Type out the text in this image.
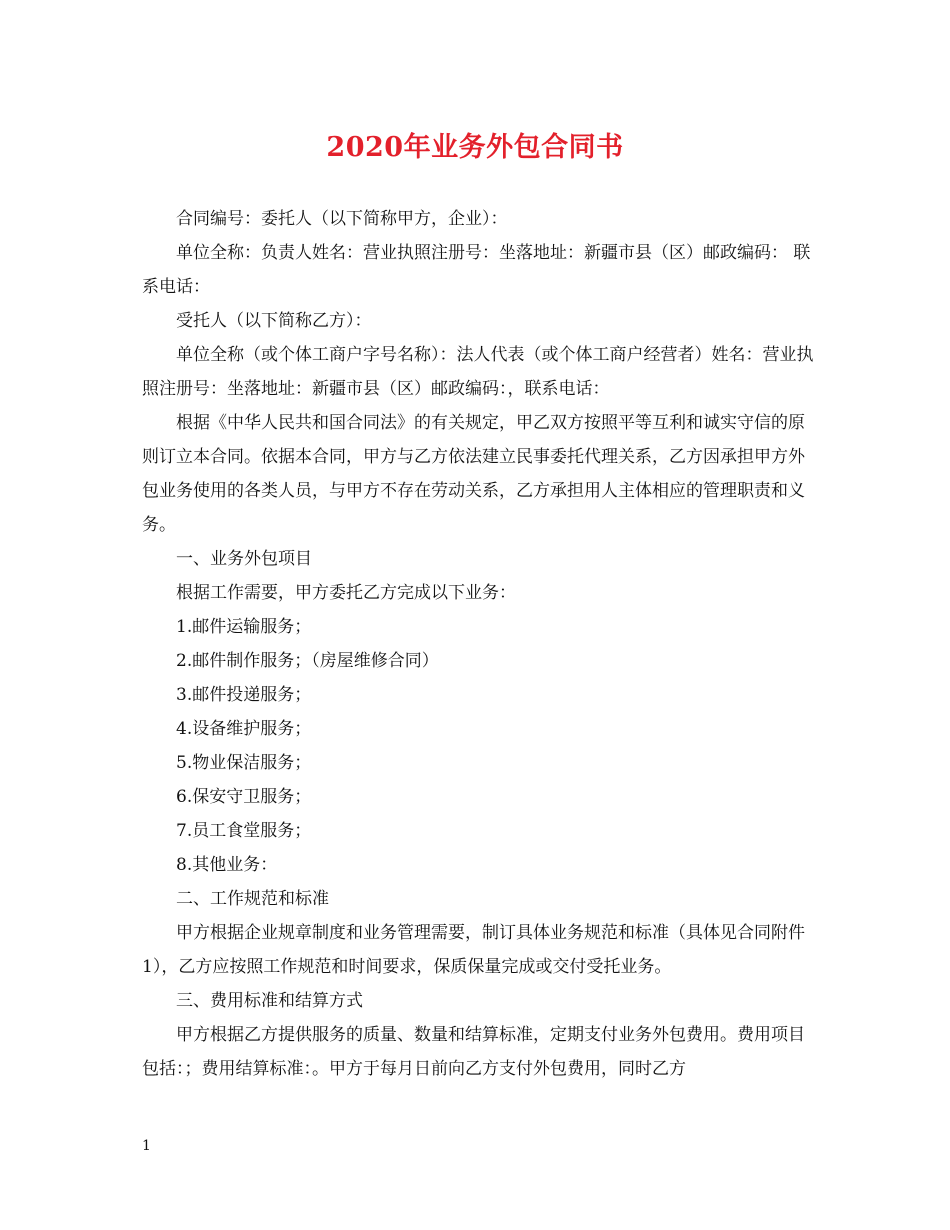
2020年业务外包合同书

合同编号：委托人（以下简称甲方，企业）：

单位全称：负责人姓名：营业执照注册号：坐落地址：新疆市县（区）邮政编码： 联系电话：

受托人（以下简称乙方）：

单位全称（或个体工商户字号名称）：法人代表（或个体工商户经营者）姓名：营业执照注册号：坐落地址：新疆市县（区）邮政编码：，联系电话：

根据《中华人民共和国合同法》的有关规定，甲乙双方按照平等互利和诚实守信的原则订立本合同。依据本合同，甲方与乙方依法建立民事委托代理关系，乙方因承担甲方外包业务使用的各类人员，与甲方不存在劳动关系，乙方承担用人主体相应的管理职责和义务。

一、业务外包项目

根据工作需要，甲方委托乙方完成以下业务：

1.邮件运输服务；

2.邮件制作服务；（房屋维修合同）

3.邮件投递服务；

4.设备维护服务；

5.物业保洁服务；

6.保安守卫服务；

7.员工食堂服务；

8.其他业务：

二、工作规范和标准

甲方根据企业规章制度和业务管理需要，制订具体业务规范和标准（具体见合同附件1），乙方应按照工作规范和时间要求，保质保量完成或交付受托业务。

三、费用标准和结算方式

甲方根据乙方提供服务的质量、数量和结算标准，定期支付业务外包费用。费用项目包括：；费用结算标准：。甲方于每月日前向乙方支付外包费用，同时乙方

1
